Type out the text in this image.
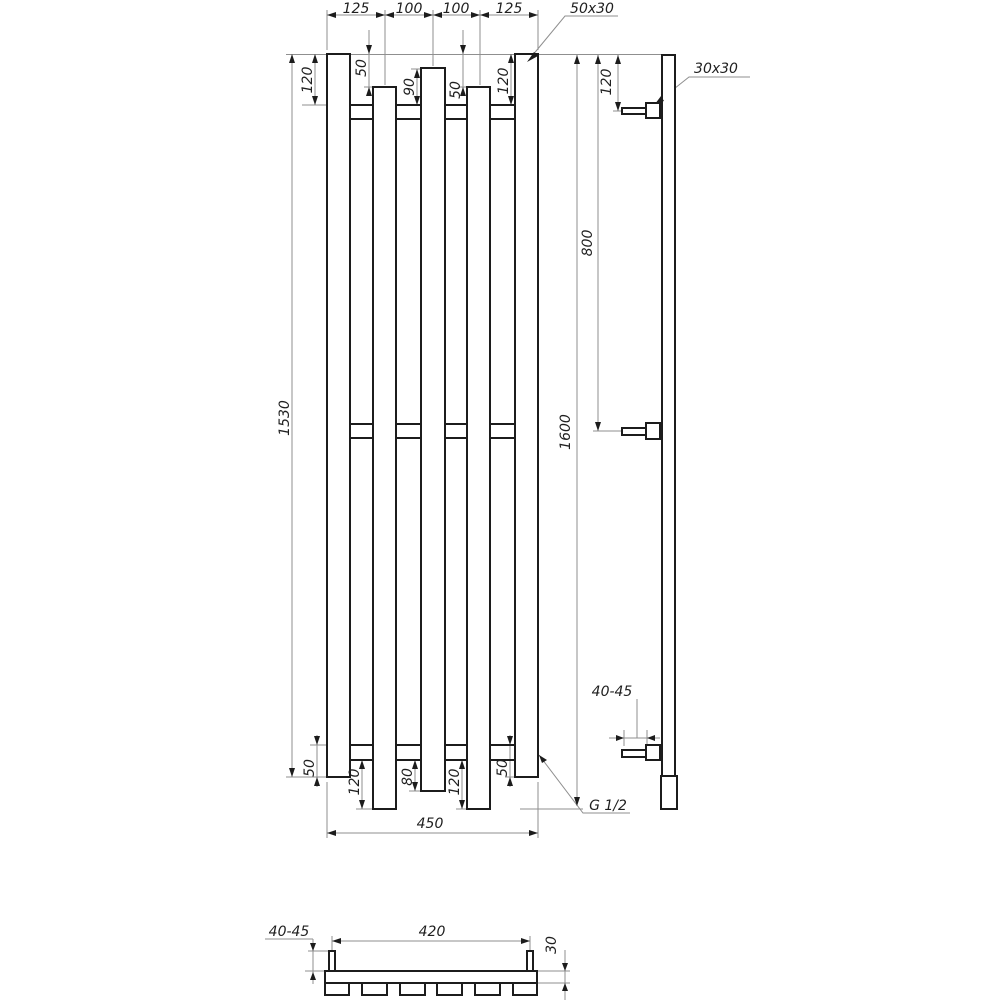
125 100 100 125	50x30
120	50
90 50 120
1530
50
120	80 120
50
450
G 1/2
30x30
120
800
1600
40-45
40-45	420
30
